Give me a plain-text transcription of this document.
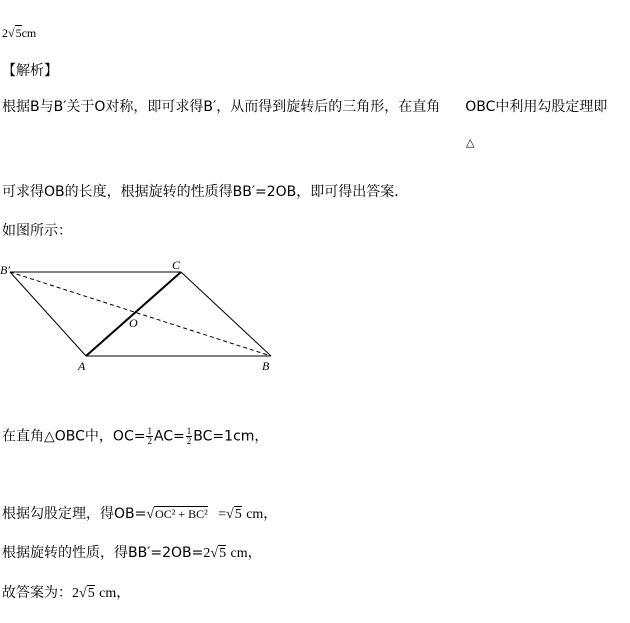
2√5cm
【解析】
根据B与B′关于O对称，即可求得B′，从而得到旋转后的三角形，在直角 OBC中利用勾股定理即
△
可求得OB的长度，根据旋转的性质得BB′=2OB，即可得出答案．
如图所示：
B′	C
O
A	B
在直角△OBC中，$OC= \frac{1}{2} AC= \frac{1}{2} BC=1cm$，
根据勾股定理，得OB=√OC² + BC² =√5 cm，
根据旋转的性质，得BB′=2OB=2√5 cm，
故答案为：2√5 cm，
